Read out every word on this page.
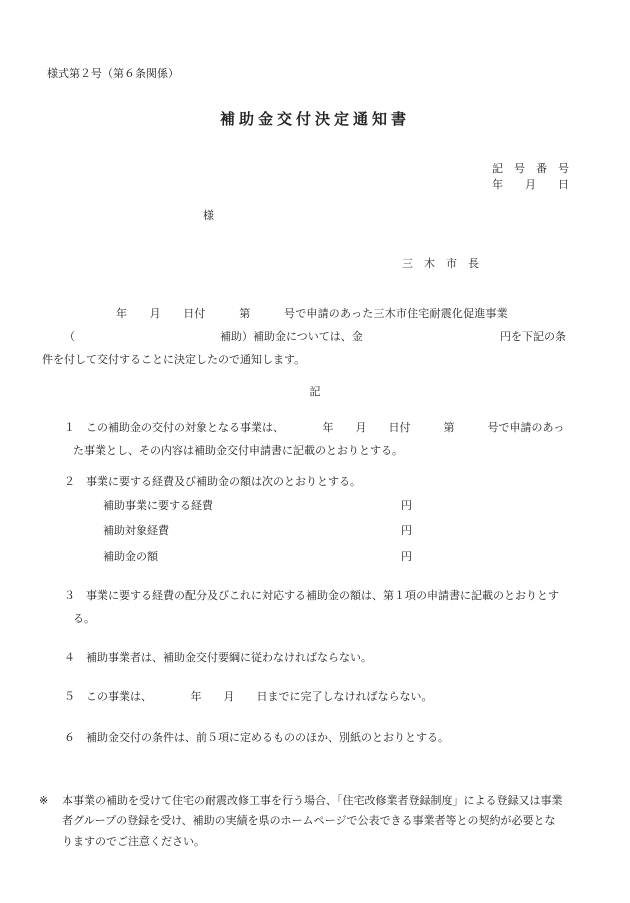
様式第２号（第６条関係）
補助金交付決定通知書
記　号　番　号
年　　月　　日
様
三　木　市　長
年　　月　　日付　　　第　　　号で申請のあった三木市住宅耐震化促進事業
（	補助）補助金については、金	円を下記の条
件を付して交付することに決定したので通知します。
記
１ この補助金の交付の対象となる事業は、　　　　年　　月　　日付　　　第　　　号で申請のあっ
た事業とし、その内容は補助金交付申請書に記載のとおりとする。
２ 事業に要する経費及び補助金の額は次のとおりとする。
補助事業に要する経費	円
補助対象経費	円
補助金の額	円
３ 事業に要する経費の配分及びこれに対応する補助金の額は、第１項の申請書に記載のとおりとす
る。
４ 補助事業者は、補助金交付要綱に従わなければならない。
５ この事業は、　　　　年　　月　　日までに完了しなければならない。
６ 補助金交付の条件は、前５項に定めるもののほか、別紙のとおりとする。
※ 本事業の補助を受けて住宅の耐震改修工事を行う場合、「住宅改修業者登録制度」による登録又は事業
者グループの登録を受け、補助の実績を県のホームページで公表できる事業者等との契約が必要とな
りますのでご注意ください。
